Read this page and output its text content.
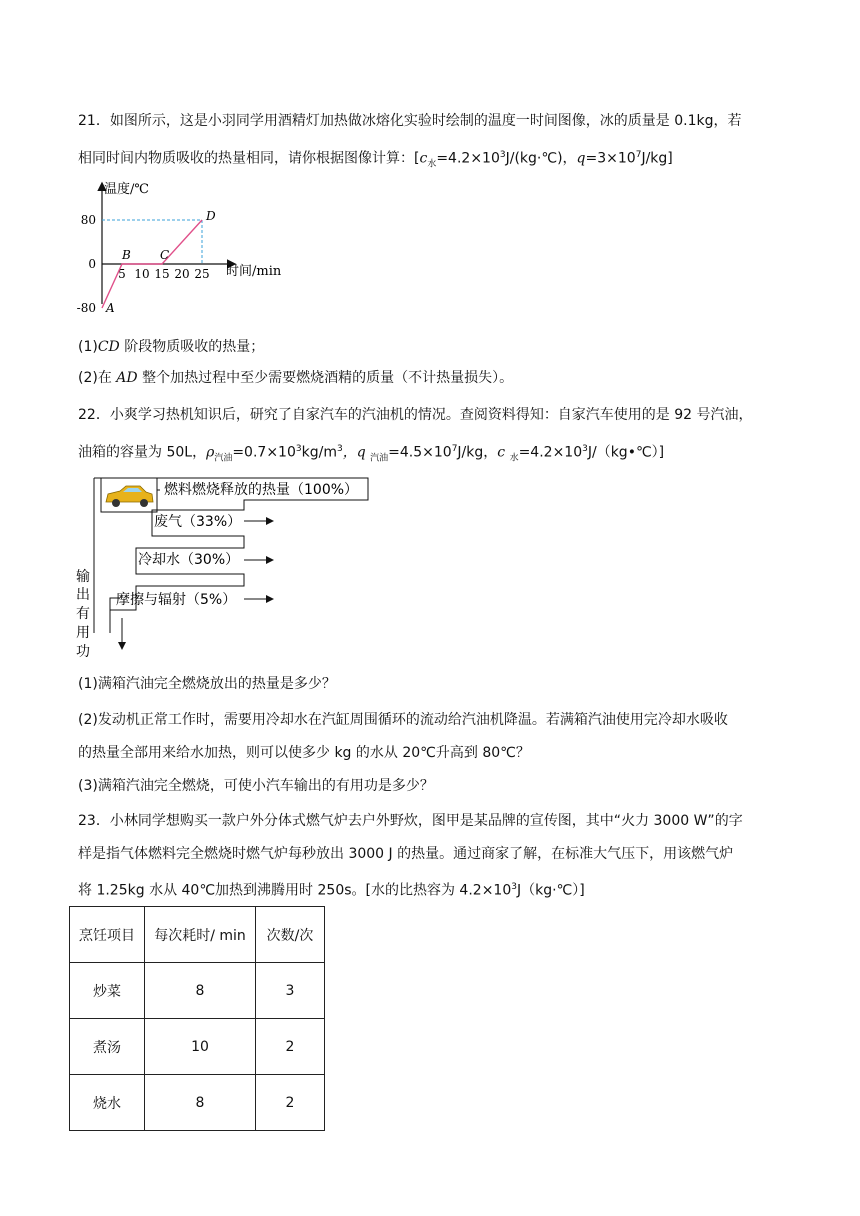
21．如图所示，这是小羽同学用酒精灯加热做冰熔化实验时绘制的温度一时间图像，冰的质量是 0.1kg，若
相同时间内物质吸收的热量相同，请你根据图像计算：[$c_水=4.2\times 10^3J/(kg\cdot℃)$，$q=3\times 10^7J/kg$]
温度/℃
时间/min
5 10 15 20 25
80
0
-80 A
B C
D
(1)CD 阶段物质吸收的热量；
(2)在 AD 整个加热过程中至少需要燃烧酒精的质量（不计热量损失）。
22．小爽学习热机知识后，研究了自家汽车的汽油机的情况。查阅资料得知：自家汽车使用的是 92 号汽油，
油箱的容量为 50L，$\rho_{汽油}=0.7\times 10^3kg/m^3$，q $_{汽油}=4.5\times 10^7J/kg$，c $_水=4.2\times 10^3J/(kg•℃)$]
燃料燃烧释放的热量（100%）
废气（33%）
冷却水（30%）
摩擦与辐射（5%）
输
出
有
用
功
(1)满箱汽油完全燃烧放出的热量是多少？
(2)发动机正常工作时，需要用冷却水在汽缸周围循环的流动给汽油机降温。若满箱汽油使用完冷却水吸收
的热量全部用来给水加热，则可以使多少 kg 的水从 20℃升高到 80℃？
(3)满箱汽油完全燃烧，可使小汽车输出的有用功是多少？
23．小林同学想购买一款户外分体式燃气炉去户外野炊，图甲是某品牌的宣传图，其中“火力 3000 W”的字
样是指气体燃料完全燃烧时燃气炉每秒放出 3000 J 的热量。通过商家了解，在标准大气压下，用该燃气炉
将 1.25kg 水从 40℃加热到沸腾用时 250s。[水的比热容为 $4.2\times 10^3J(kg\cdot℃)$]
烹饪项目	每次耗时/ min	次数/次
炒菜	8	3
煮汤	10	2
烧水	8	2
